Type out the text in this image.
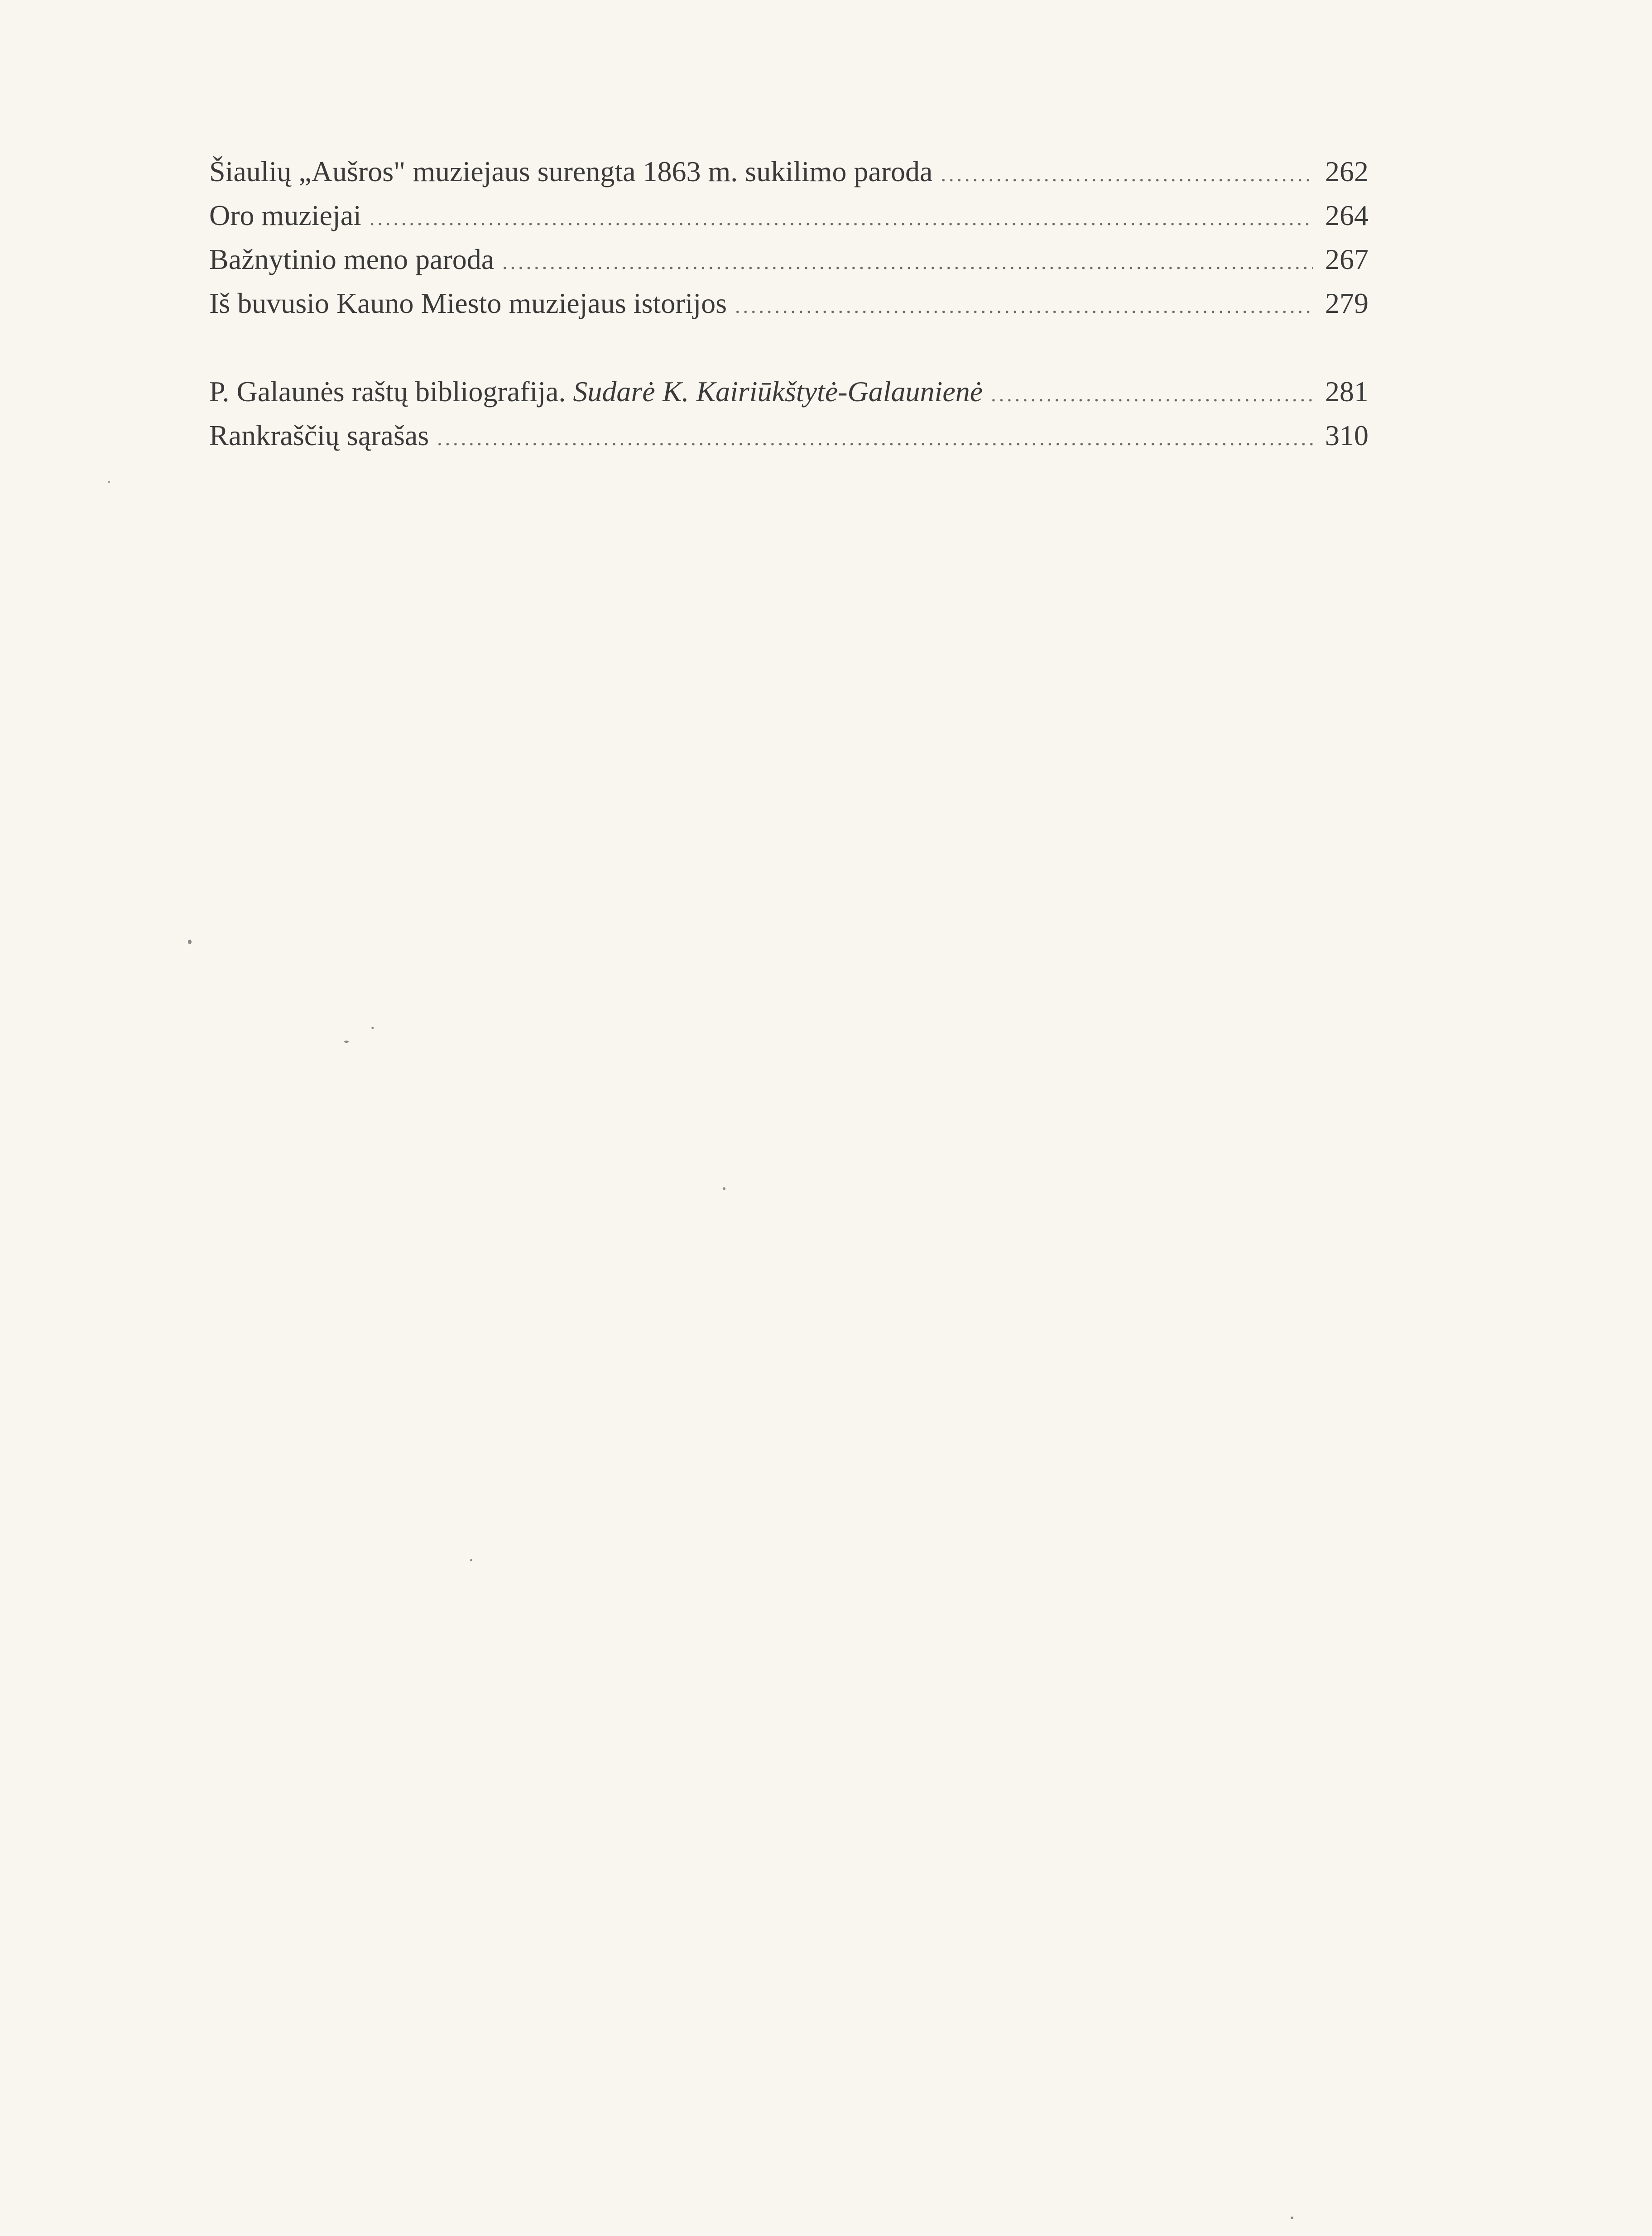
Šiaulių „Aušros" muziejaus surengta 1863 m. sukilimo paroda .....	262
Oro muziejai .....	264
Bažnytinio meno paroda .....	267
Iš buvusio Kauno Miesto muziejaus istorijos .....	279
P. Galaunės raštų bibliografija. Sudarė K. Kairiūkštytė-Galaunienė .....	281
Rankraščių sąrašas .....	310
